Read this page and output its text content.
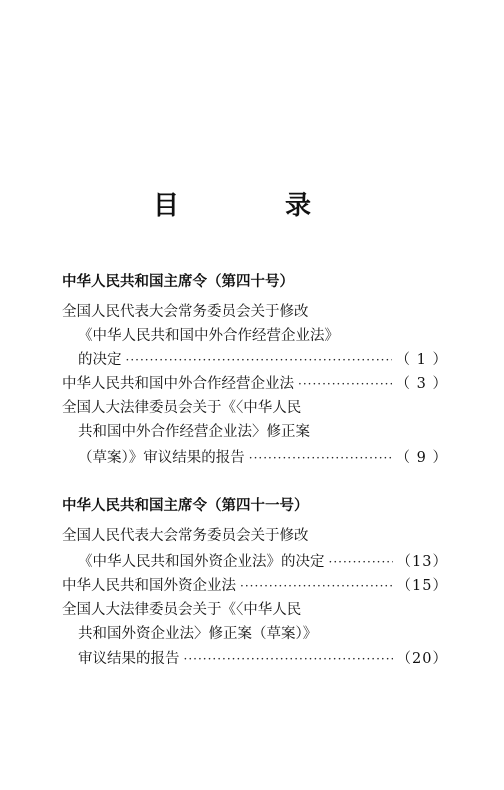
目　录
中华人民共和国主席令（第四十号）
全国人民代表大会常务委员会关于修改
《中华人民共和国中外合作经营企业法》
的决定 ·····	（ 1 ）
中华人民共和国中外合作经营企业法 ·····	（ 3 ）
全国人大法律委员会关于《〈中华人民
共和国中外合作经营企业法〉修正案
（草案）》审议结果的报告 ·····	（ 9 ）
中华人民共和国主席令（第四十一号）
全国人民代表大会常务委员会关于修改
《中华人民共和国外资企业法》的决定 ·····	（13）
中华人民共和国外资企业法 ·····	（15）
全国人大法律委员会关于《〈中华人民
共和国外资企业法〉修正案（草案）》
审议结果的报告 ·····	（20）
